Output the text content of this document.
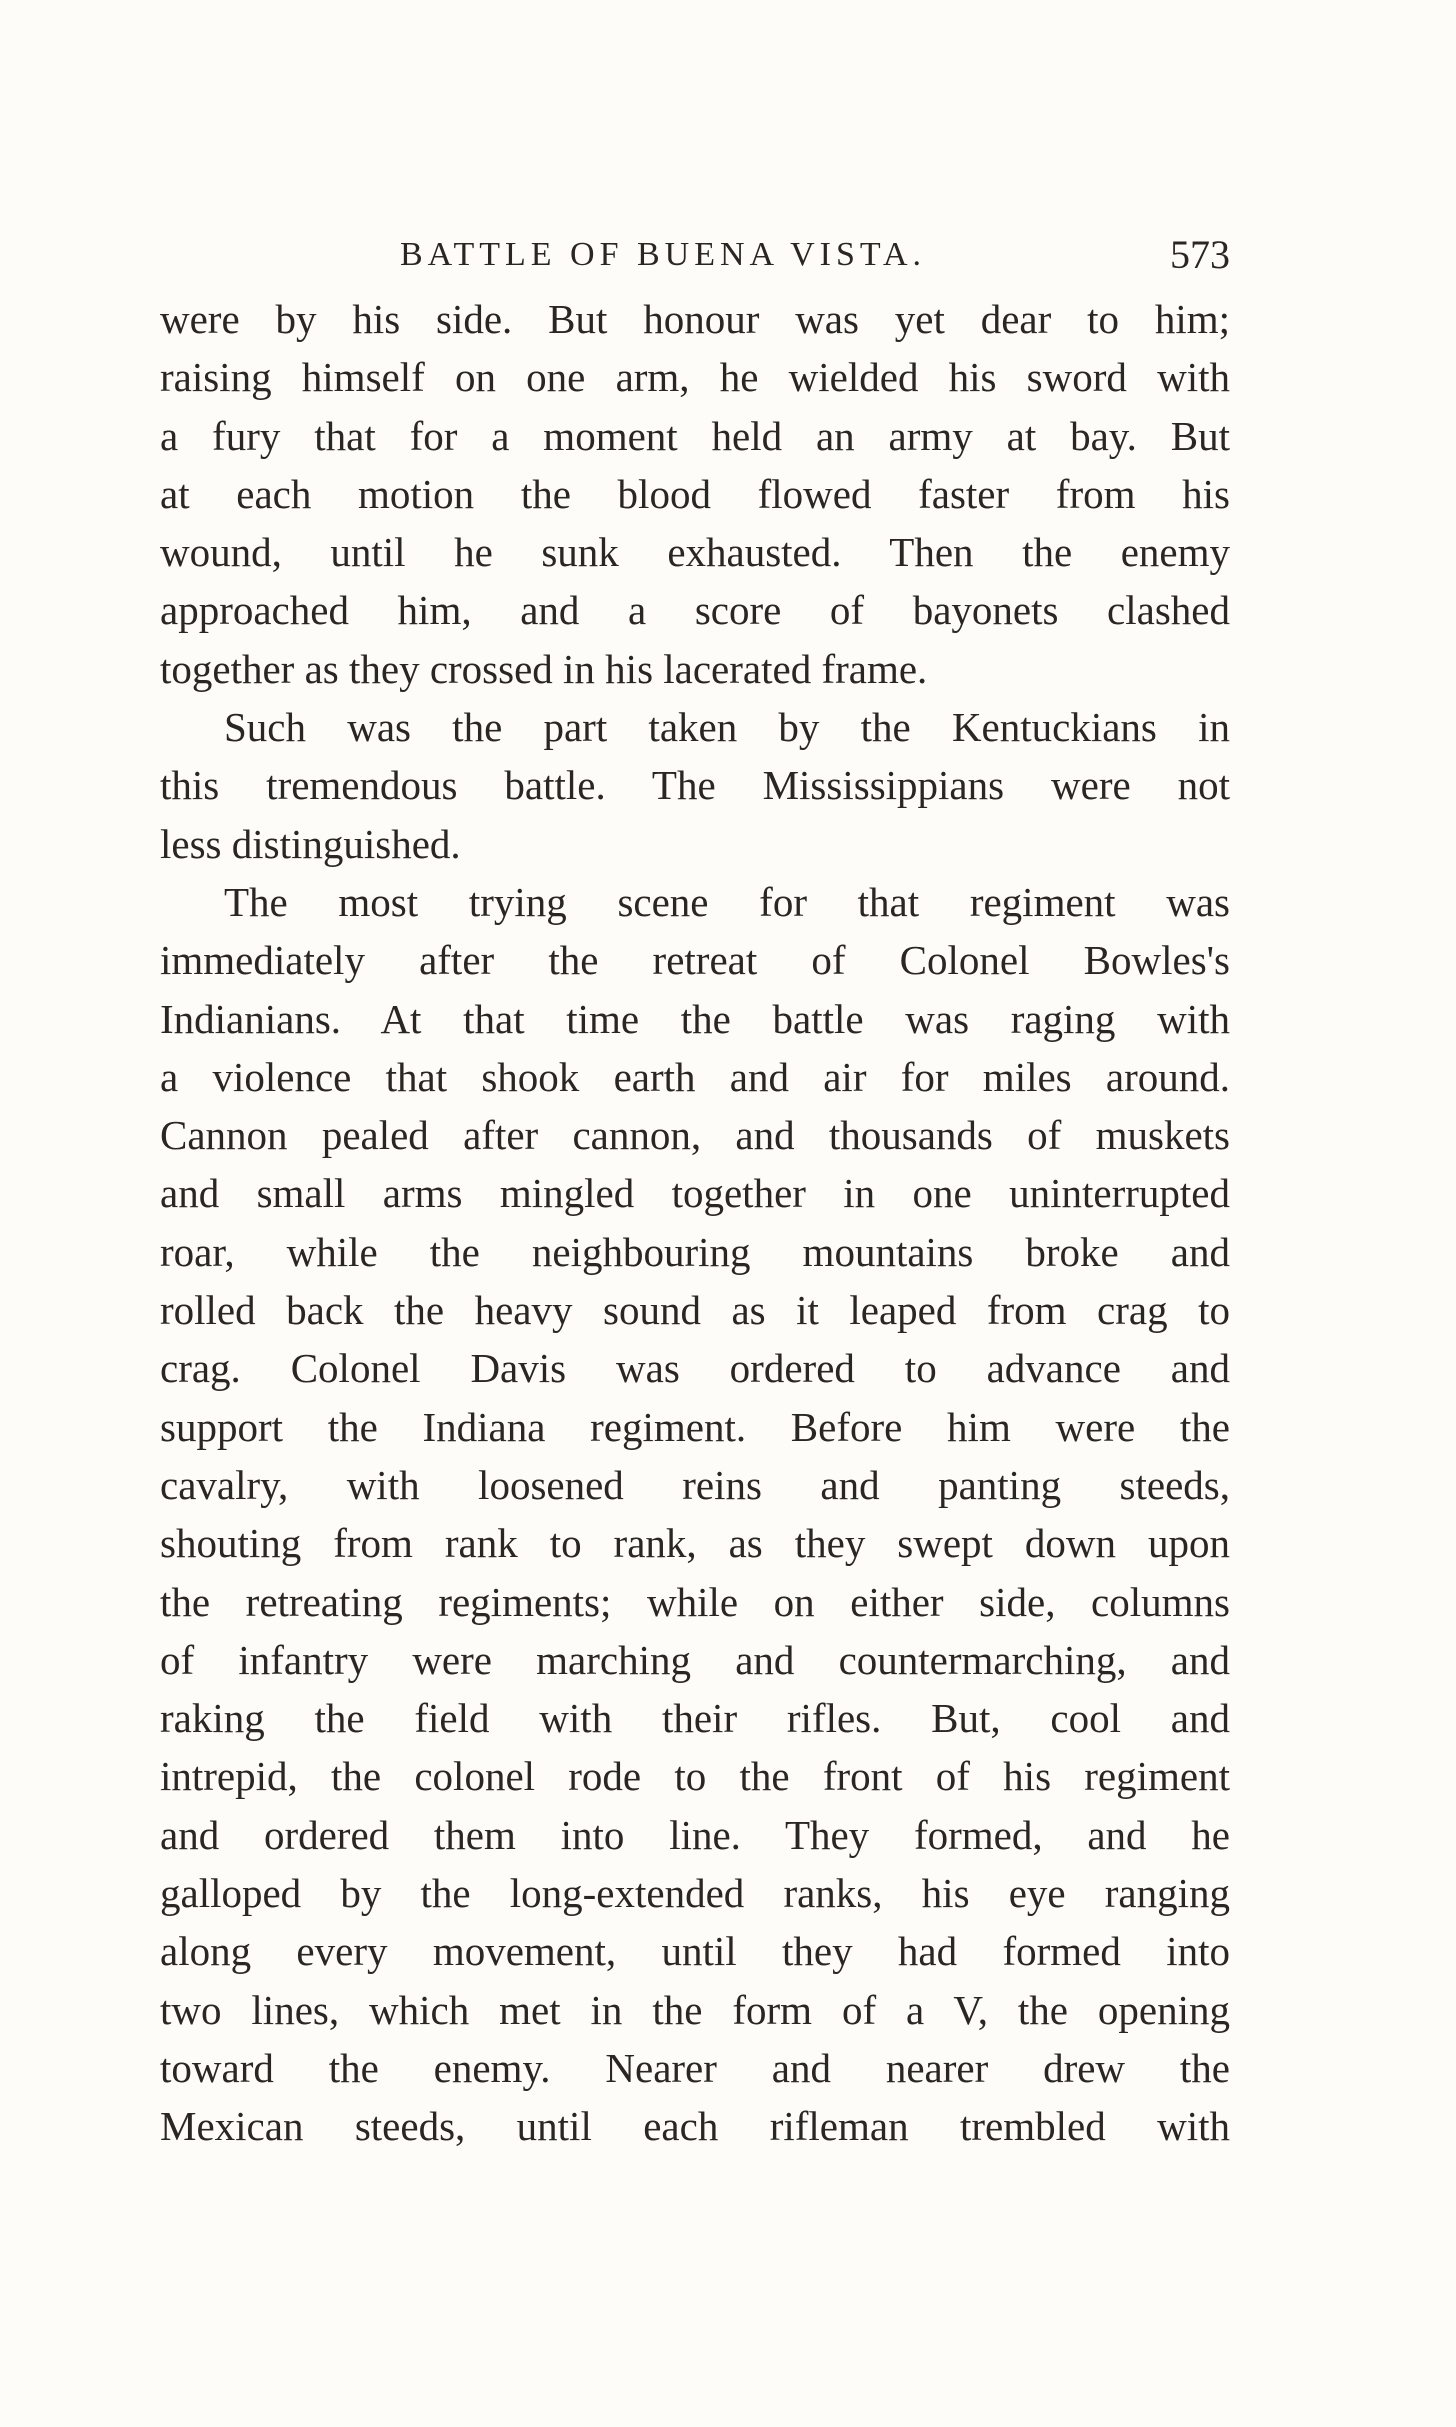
BATTLE OF BUENA VISTA.	573
were by his side. But honour was yet dear to him;
raising himself on one arm, he wielded his sword with
a fury that for a moment held an army at bay. But
at each motion the blood flowed faster from his
wound, until he sunk exhausted. Then the enemy
approached him, and a score of bayonets clashed
together as they crossed in his lacerated frame.
Such was the part taken by the Kentuckians in
this tremendous battle. The Mississippians were not
less distinguished.
The most trying scene for that regiment was
immediately after the retreat of Colonel Bowles's
Indianians. At that time the battle was raging with
a violence that shook earth and air for miles around.
Cannon pealed after cannon, and thousands of muskets
and small arms mingled together in one uninterrupted
roar, while the neighbouring mountains broke and
rolled back the heavy sound as it leaped from crag to
crag. Colonel Davis was ordered to advance and
support the Indiana regiment. Before him were the
cavalry, with loosened reins and panting steeds,
shouting from rank to rank, as they swept down upon
the retreating regiments; while on either side, columns
of infantry were marching and countermarching, and
raking the field with their rifles. But, cool and
intrepid, the colonel rode to the front of his regiment
and ordered them into line. They formed, and he
galloped by the long-extended ranks, his eye ranging
along every movement, until they had formed into
two lines, which met in the form of a V, the opening
toward the enemy. Nearer and nearer drew the
Mexican steeds, until each rifleman trembled with
